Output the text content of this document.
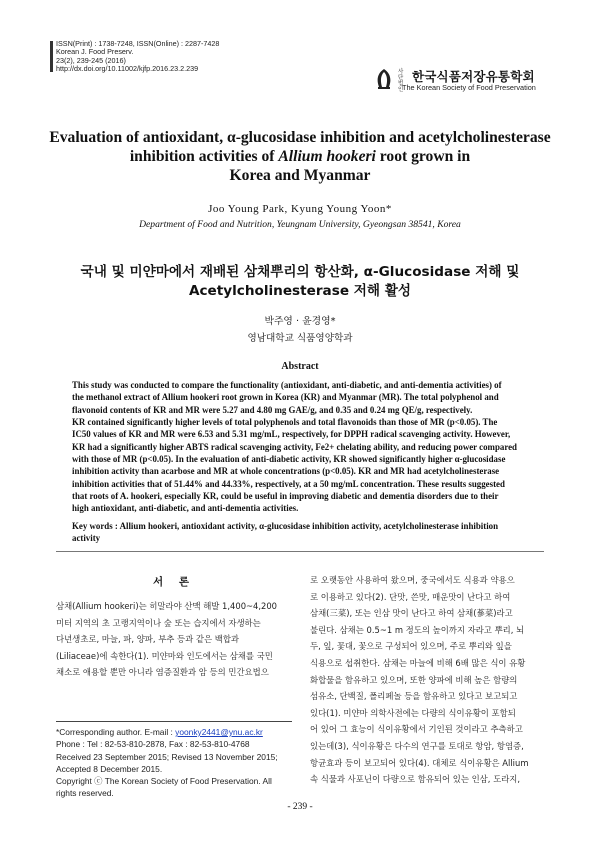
ISSN(Print) : 1738-7248, ISSN(Online) : 2287-7428
Korean J. Food Preserv.
23(2), 239-245 (2016)
http://dx.doi.org/10.11002/kjfp.2016.23.2.239	사단법인
한국식품저장유통학회
The Korean Society of Food Preservation
Evaluation of antioxidant, α-glucosidase inhibition and acetylcholinesterase
inhibition activities of Allium hookeri root grown in
Korea and Myanmar
Joo Young Park, Kyung Young Yoon*
Department of Food and Nutrition, Yeungnam University, Gyeongsan 38541, Korea
국내 및 미얀마에서 재배된 삼채뿌리의 항산화, α-Glucosidase 저해 및
Acetylcholinesterase 저해 활성
박주영 · 윤경영*
영남대학교 식품영양학과
Abstract
This study was conducted to compare the functionality (antioxidant, anti-diabetic, and anti-dementia activities) of
the methanol extract of Allium hookeri root grown in Korea (KR) and Myanmar (MR). The total polyphenol and
flavonoid contents of KR and MR were 5.27 and 4.80 mg GAE/g, and 0.35 and 0.24 mg QE/g, respectively.
KR contained significantly higher levels of total polyphenols and total flavonoids than those of MR (p<0.05). The
IC50 values of KR and MR were 6.53 and 5.31 mg/mL, respectively, for DPPH radical scavenging activity. However,
KR had a significantly higher ABTS radical scavenging activity, Fe2+ chelating ability, and reducing power compared
with those of MR (p<0.05). In the evaluation of anti-diabetic activity, KR showed significantly higher α-glucosidase
inhibition activity than acarbose and MR at whole concentrations (p<0.05). KR and MR had acetylcholinesterase
inhibition activities that of 51.44% and 44.33%, respectively, at a 50 mg/mL concentration. These results suggested
that roots of A. hookeri, especially KR, could be useful in improving diabetic and dementia disorders due to their
high antioxidant, anti-diabetic, and anti-dementia activities.
Key words : Allium hookeri, antioxidant activity, α-glucosidase inhibition activity, acetylcholinesterase inhibition
activity
서 론
삼채(Allium hookeri)는 히말라야 산맥 해발 1,400~4,200
미터 지역의 초 고랭지역이나 숲 또는 습지에서 자생하는
다년생초로, 마늘, 파, 양파, 부추 등과 같은 백합과
(Liliaceae)에 속한다(1). 미얀마와 인도에서는 삼채를 국민
채소로 애용할 뿐만 아니라 염증질환과 암 등의 민간요법으
*Corresponding author. E-mail : yoonky2441@ynu.ac.kr
Phone : Tel : 82-53-810-2878, Fax : 82-53-810-4768
Received 23 September 2015; Revised 13 November 2015;
Accepted 8 December 2015.
Copyright ⓒ The Korean Society of Food Preservation. All
rights reserved.
로 오랫동안 사용하여 왔으며, 중국에서도 식용과 약용으
로 이용하고 있다(2). 단맛, 쓴맛, 매운맛이 난다고 하여
삼채(三菜), 또는 인삼 맛이 난다고 하여 삼채(蔘菜)라고
불린다. 삼채는 0.5~1 m 정도의 높이까지 자라고 뿌리, 뇌
두, 잎, 꽃대, 꽃으로 구성되어 있으며, 주로 뿌리와 잎을
식용으로 섭취한다. 삼채는 마늘에 비해 6배 많은 식이 유황
화합물을 함유하고 있으며, 또한 양파에 비해 높은 함량의
섬유소, 단백질, 폴리페놀 등을 함유하고 있다고 보고되고
있다(1). 미얀마 의학사전에는 다량의 식이유황이 포함되
어 있어 그 효능이 식이유황에서 기인된 것이라고 추측하고
있는데(3), 식이유황은 다수의 연구를 토대로 항암, 항염증,
항균효과 등이 보고되어 있다(4). 대체로 식이유황은 Allium
속 식물과 사포닌이 다량으로 함유되어 있는 인삼, 도라지,
- 239 -
